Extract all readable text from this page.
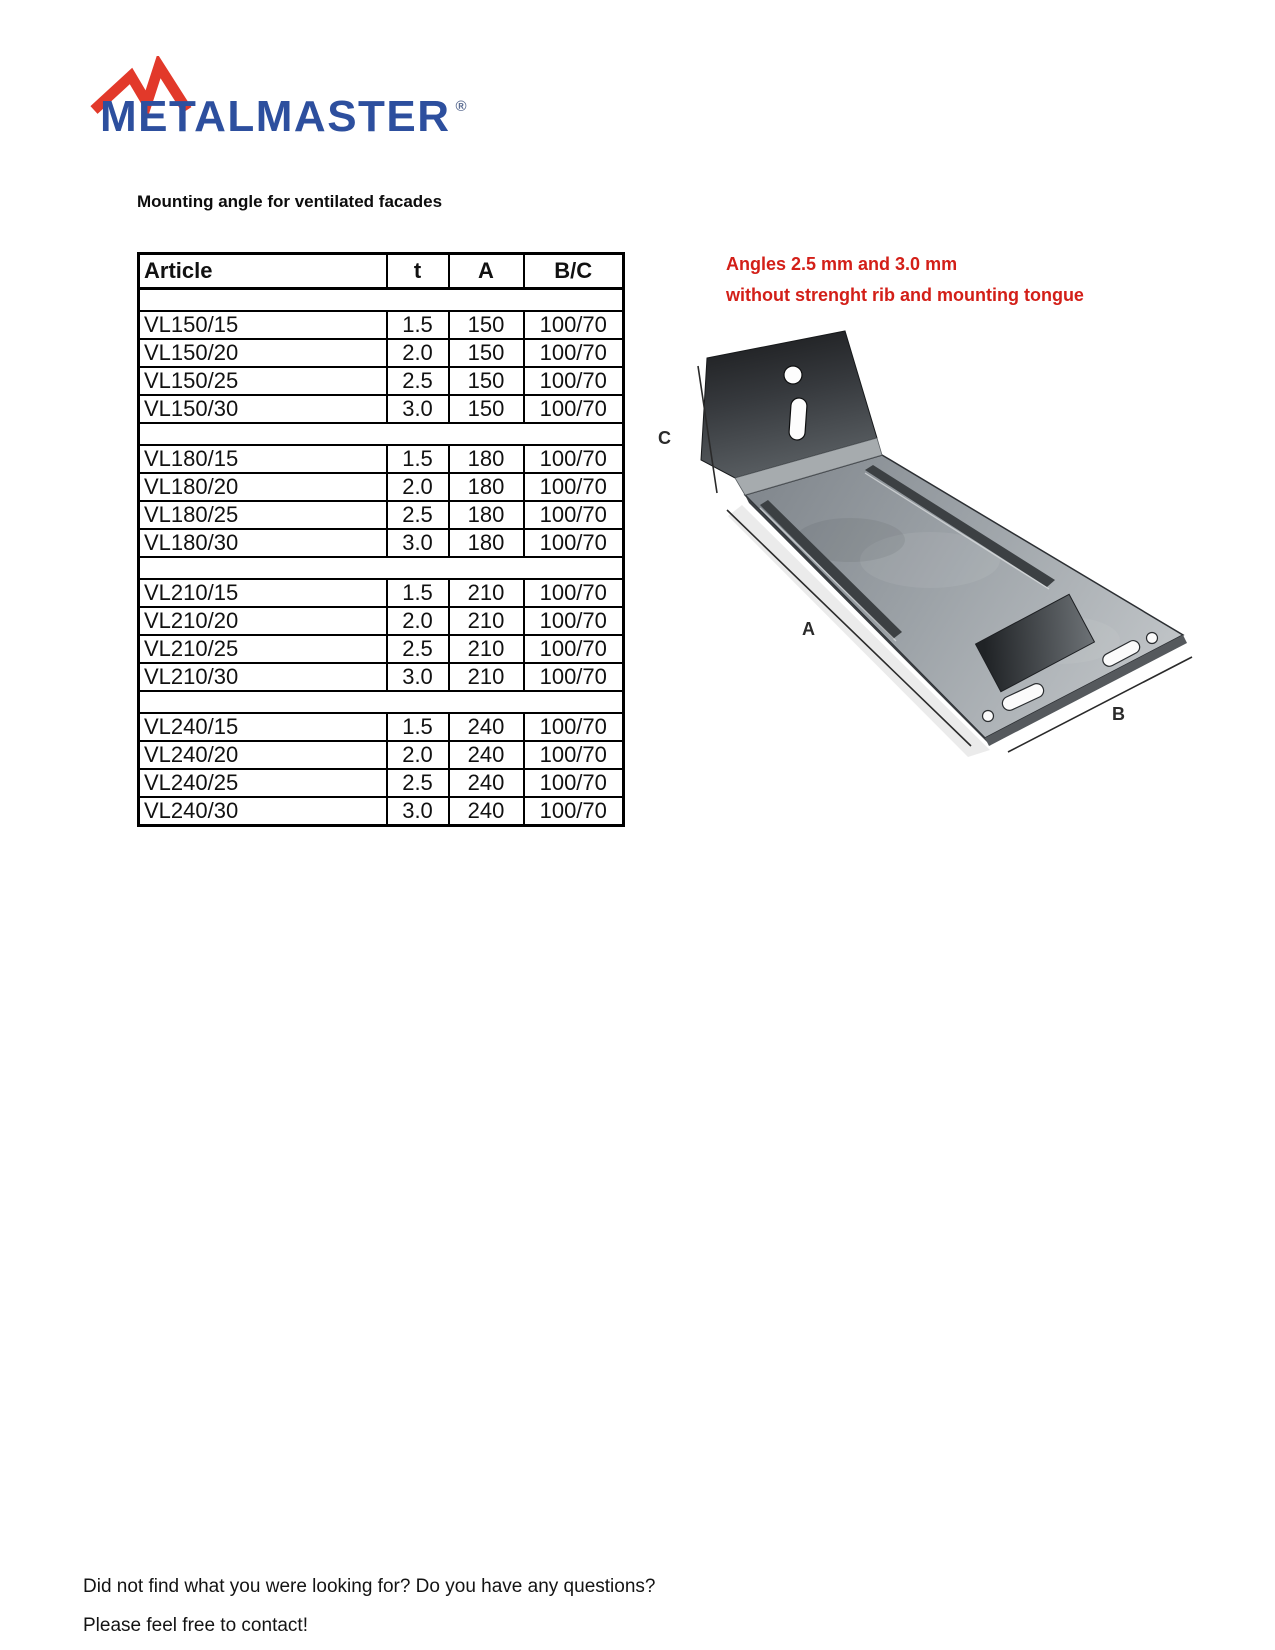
METALMASTER ®
Mounting angle for ventilated facades
Article	t	A	B/C

VL150/15	1.5	150	100/70
VL150/20	2.0	150	100/70
VL150/25	2.5	150	100/70
VL150/30	3.0	150	100/70

VL180/15	1.5	180	100/70
VL180/20	2.0	180	100/70
VL180/25	2.5	180	100/70
VL180/30	3.0	180	100/70

VL210/15	1.5	210	100/70
VL210/20	2.0	210	100/70
VL210/25	2.5	210	100/70
VL210/30	3.0	210	100/70

VL240/15	1.5	240	100/70
VL240/20	2.0	240	100/70
VL240/25	2.5	240	100/70
VL240/30	3.0	240	100/70
Angles 2.5 mm and 3.0 mm
without strenght rib and mounting tongue
C
A
B
Did not find what you were looking for? Do you have any questions?
Please feel free to contact!
